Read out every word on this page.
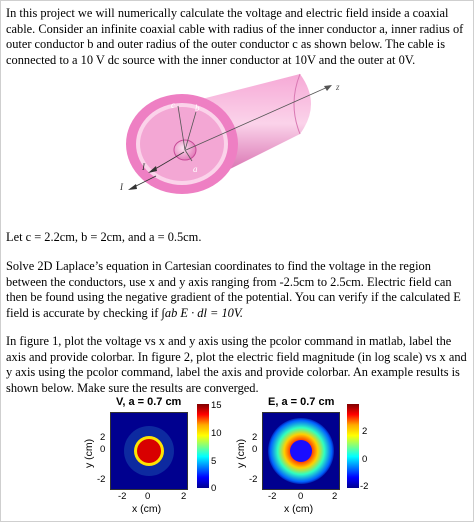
In this project we will numerically calculate the voltage and electric field inside a coaxial cable. Consider an infinite coaxial cable with radius of the inner conductor a, inner radius of outer conductor b and outer radius of the outer conductor c as shown below. The cable is connected to a 10 V dc source with the inner conductor at 10V and the outer at 0V.

c b
a
z
I
I

Let c = 2.2cm, b = 2cm, and a = 0.5cm.

Solve 2D Laplace’s equation in Cartesian coordinates to find the voltage in the region between the conductors, use x and y axis ranging from -2.5cm to 2.5cm. Electric field can then be found using the negative gradient of the potential. You can verify if the calculated E field is accurate by checking if ∫ab E · dl = 10V.

In figure 1, plot the voltage vs x and y axis using the pcolor command in matlab, label the axis and provide colorbar. In figure 2, plot the electric field magnitude (in log scale) vs x and y axis using the pcolor command, label the axis and provide colorbar. An example results is shown below. Make sure the results are converged.

V, a = 0.7 cm
2
0
-2
-2 0	2
x (cm)
y (cm)
15
10
5
0
E, a = 0.7 cm
2
0
-2
-2 0	2
x (cm)
y (cm)
2
0
-2
